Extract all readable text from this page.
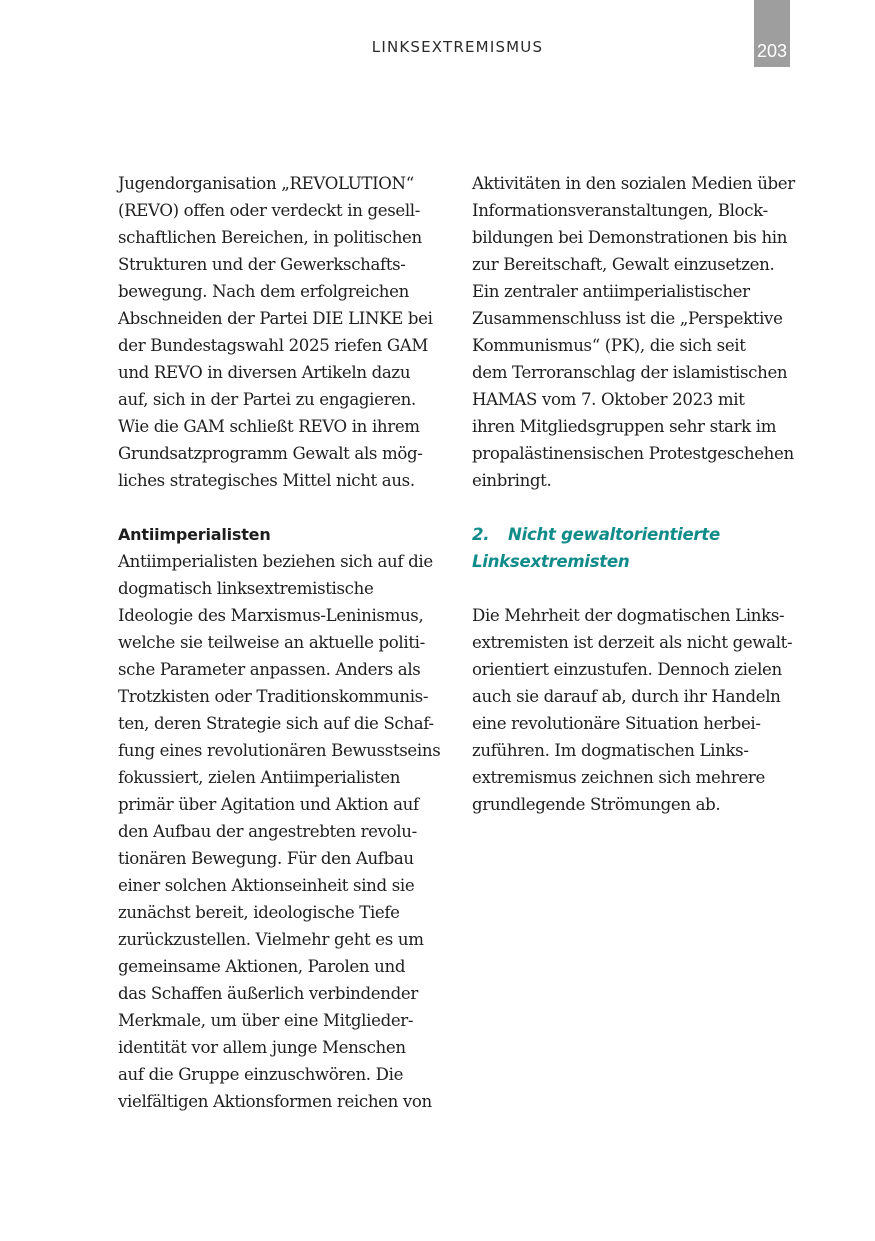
LINKSEXTREMISMUS	203
Jugendorganisation „REVOLUTION“
(REVO) offen oder verdeckt in gesell-
schaftlichen Bereichen, in politischen
Strukturen und der Gewerkschafts-
bewegung. Nach dem erfolgreichen
Abschneiden der Partei DIE LINKE bei
der Bundestagswahl 2025 riefen GAM
und REVO in diversen Artikeln dazu
auf, sich in der Partei zu engagieren.
Wie die GAM schließt REVO in ihrem
Grundsatzprogramm Gewalt als mög-
liches strategisches Mittel nicht aus.
Antiimperialisten
Antiimperialisten beziehen sich auf die
dogmatisch linksextremistische
Ideologie des Marxismus-Leninismus,
welche sie teilweise an aktuelle politi-
sche Parameter anpassen. Anders als
Trotzkisten oder Traditionskommunis-
ten, deren Strategie sich auf die Schaf-
fung eines revolutionären Bewusstseins
fokussiert, zielen Antiimperialisten
primär über Agitation und Aktion auf
den Aufbau der angestrebten revolu-
tionären Bewegung. Für den Aufbau
einer solchen Aktionseinheit sind sie
zunächst bereit, ideologische Tiefe
zurückzustellen. Vielmehr geht es um
gemeinsame Aktionen, Parolen und
das Schaffen äußerlich verbindender
Merkmale, um über eine Mitglieder-
identität vor allem junge Menschen
auf die Gruppe einzuschwören. Die
vielfältigen Aktionsformen reichen von
Aktivitäten in den sozialen Medien über
Informationsveranstaltungen, Block-
bildungen bei Demonstrationen bis hin
zur Bereitschaft, Gewalt einzusetzen.
Ein zentraler antiimperialistischer
Zusammenschluss ist die „Perspektive
Kommunismus“ (PK), die sich seit
dem Terroranschlag der islamistischen
HAMAS vom 7. Oktober 2023 mit
ihren Mitgliedsgruppen sehr stark im
propalästinensischen Protestgeschehen
einbringt.
2. Nicht gewaltorientierte
Linksextremisten
Die Mehrheit der dogmatischen Links-
extremisten ist derzeit als nicht gewalt-
orientiert einzustufen. Dennoch zielen
auch sie darauf ab, durch ihr Handeln
eine revolutionäre Situation herbei-
zuführen. Im dogmatischen Links-
extremismus zeichnen sich mehrere
grundlegende Strömungen ab.
